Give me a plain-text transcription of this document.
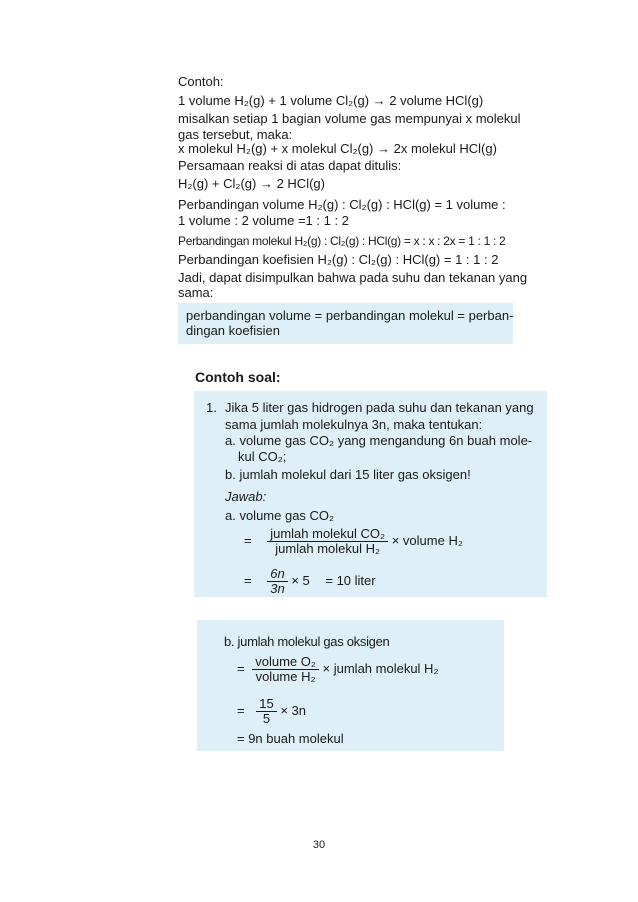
Contoh:
1 volume H₂(g) + 1 volume Cl₂(g) → 2 volume HCl(g)
misalkan setiap 1 bagian volume gas mempunyai x molekul
gas tersebut, maka:
x molekul H₂(g) + x molekul Cl₂(g) → 2x molekul HCl(g)
Persamaan reaksi di atas dapat ditulis:
H₂(g) + Cl₂(g) → 2 HCl(g)
Perbandingan volume H₂(g) : Cl₂(g) : HCl(g) = 1 volume :
1 volume : 2 volume =1 : 1 : 2
Perbandingan molekul H₂(g) : Cl₂(g) : HCl(g) = x : x : 2x = 1 : 1 : 2
Perbandingan koefisien H₂(g) : Cl₂(g) : HCl(g) = 1 : 1 : 2
Jadi, dapat disimpulkan bahwa pada suhu dan tekanan yang
sama:
perbandingan volume = perbandingan molekul = perban-
dingan koefisien
Contoh soal:
1. Jika 5 liter gas hidrogen pada suhu dan tekanan yang
sama jumlah molekulnya 3n, maka tentukan:
a. volume gas CO₂ yang mengandung 6n buah mole-
kul CO₂;
b. jumlah molekul dari 15 liter gas oksigen!
Jawab:
a. volume gas CO₂
= $\frac{\text{jumlah molekul CO₂}}{\text{jumlah molekul H₂}}$ × volume H₂
= $\frac{6n}{3n} \times 5 = 10$ liter
b. jumlah molekul gas oksigen
= $\frac{\text{volume O₂}}{\text{volume H₂}}$ × jumlah molekul H₂
= $\frac{15}{5} \times 3n$
= 9n buah molekul
30
